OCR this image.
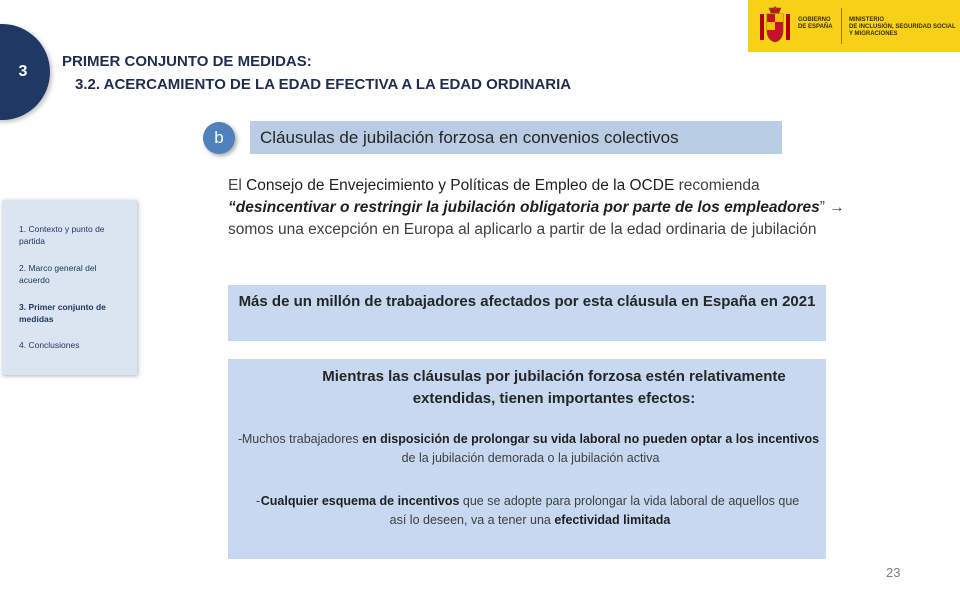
3
PRIMER CONJUNTO DE MEDIDAS:
3.2. ACERCAMIENTO DE LA EDAD EFECTIVA A LA EDAD ORDINARIA
GOBIERNO
DE ESPAÑA
MINISTERIO
DE INCLUSIÓN, SEGURIDAD SOCIAL
Y MIGRACIONES
1. Contexto y punto de partida
2. Marco general del acuerdo
3. Primer conjunto de medidas
4. Conclusiones
b	Cláusulas de jubilación forzosa en convenios colectivos
El Consejo de Envejecimiento y Políticas de Empleo de la OCDE recomienda
“desincentivar o restringir la jubilación obligatoria por parte de los empleadores” →
somos una excepción en Europa al aplicarlo a partir de la edad ordinaria de jubilación
Más de un millón de trabajadores afectados por esta cláusula en España en 2021
Mientras las cláusulas por jubilación forzosa estén relativamente extendidas, tienen importantes efectos:
- Muchos trabajadores en disposición de prolongar su vida laboral no pueden optar a los incentivos de la jubilación demorada o la jubilación activa
- Cualquier esquema de incentivos que se adopte para prolongar la vida laboral de aquellos que así lo deseen, va a tener una efectividad limitada
23
